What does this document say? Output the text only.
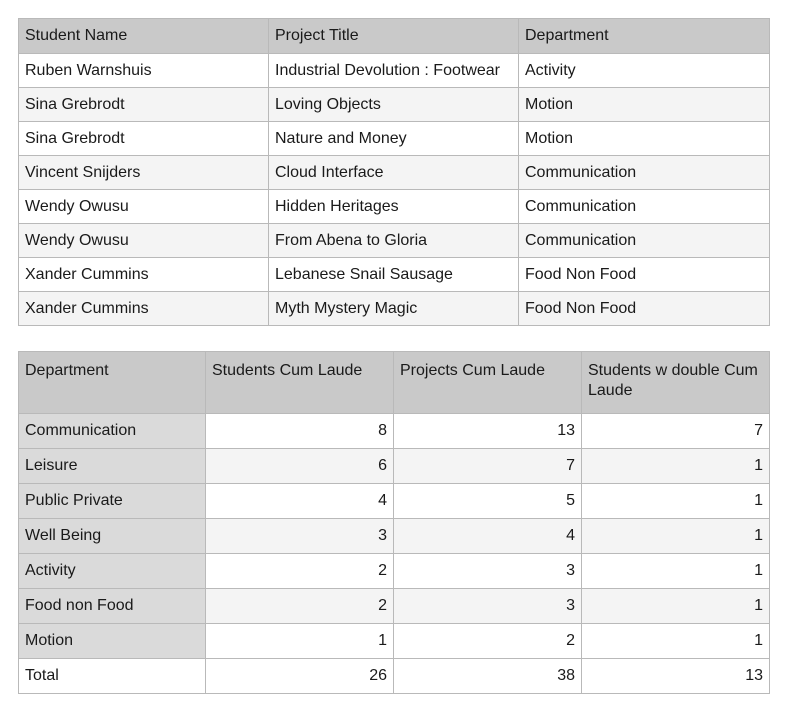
Student Name	Project Title	Department
Ruben Warnshuis	Industrial Devolution : Footwear	Activity
Sina Grebrodt	Loving Objects	Motion
Sina Grebrodt	Nature and Money	Motion
Vincent Snijders	Cloud Interface	Communication
Wendy Owusu	Hidden Heritages	Communication
Wendy Owusu	From Abena to Gloria	Communication
Xander Cummins	Lebanese Snail Sausage	Food Non Food
Xander Cummins	Myth Mystery Magic	Food Non Food
Department	Students Cum Laude	Projects Cum Laude	Students w double Cum Laude
Communication	8	13	7
Leisure	6	7	1
Public Private	4	5	1
Well Being	3	4	1
Activity	2	3	1
Food non Food	2	3	1
Motion	1	2	1
Total	26	38	13
